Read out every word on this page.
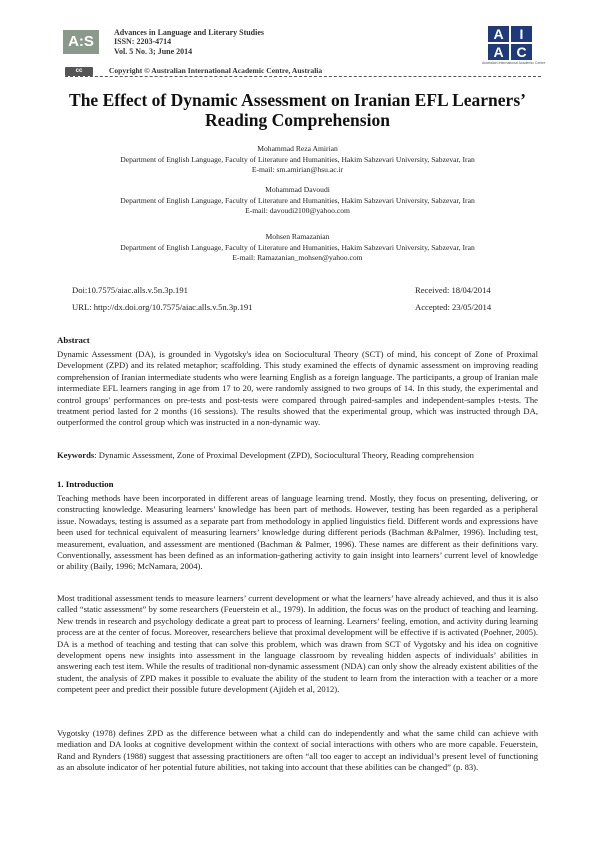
A:S
Advances in Language and Literary Studies
ISSN: 2203-4714
Vol. 5 No. 3; June 2014
cc	Copyright © Australian International Academic Centre, Australia
A	I
A C
Australian International Academic Centre
The Effect of Dynamic Assessment on Iranian EFL Learners’ Reading Comprehension
Mohammad Reza Amirian
Department of English Language, Faculty of Literature and Humanities, Hakim Sabzevari University, Sabzevar, Iran
E-mail: sm.amirian@hsu.ac.ir
Mohammad Davoudi
Department of English Language, Faculty of Literature and Humanities, Hakim Sabzevari University, Sabzevar, Iran
E-mail: davoudi2100@yahoo.com
Mohsen Ramazanian
Department of English Language, Faculty of Literature and Humanities, Hakim Sabzevari University, Sabzevar, Iran
E-mail: Ramazanian_mohsen@yahoo.com
Doi:10.7575/aiac.alls.v.5n.3p.191	Received: 18/04/2014
URL: http://dx.doi.org/10.7575/aiac.alls.v.5n.3p.191	Accepted: 23/05/2014
Abstract

Dynamic Assessment (DA), is grounded in Vygotsky's idea on Sociocultural Theory (SCT) of mind, his concept of Zone of Proximal Development (ZPD) and its related metaphor; scaffolding. This study examined the effects of dynamic assessment on improving reading comprehension of Iranian intermediate students who were learning English as a foreign language. The participants, a group of Iranian male intermediate EFL learners ranging in age from 17 to 20, were randomly assigned to two groups of 14. In this study, the experimental and control groups' performances on pre-tests and post-tests were compared through paired-samples and independent-samples t-tests. The treatment period lasted for 2 months (16 sessions). The results showed that the experimental group, which was instructed through DA, outperformed the control group which was instructed in a non-dynamic way.

Keywords: Dynamic Assessment, Zone of Proximal Development (ZPD), Sociocultural Theory, Reading comprehension

1. Introduction

Teaching methods have been incorporated in different areas of language learning trend. Mostly, they focus on presenting, delivering, or constructing knowledge. Measuring learners’ knowledge has been part of methods. However, testing has been regarded as a peripheral issue. Nowadays, testing is assumed as a separate part from methodology in applied linguistics field. Different words and expressions have been used for technical equivalent of measuring learners’ knowledge during different periods (Bachman &Palmer, 1996). Including test, measurement, evaluation, and assessment are mentioned (Bachman & Palmer, 1996). These names are different as their definitions vary. Conventionally, assessment has been defined as an information-gathering activity to gain insight into learners’ current level of knowledge or ability (Baily, 1996; McNamara, 2004).

Most traditional assessment tends to measure learners’ current development or what the learners’ have already achieved, and thus it is also called “static assessment” by some researchers (Feuerstein et al., 1979). In addition, the focus was on the product of teaching and learning. New trends in research and psychology dedicate a great part to process of learning. Learners’ feeling, emotion, and activity during learning process are at the center of focus. Moreover, researchers believe that proximal development will be effective if is activated (Poehner, 2005). DA is a method of teaching and testing that can solve this problem, which was drawn from SCT of Vygotsky and his idea on cognitive development opens new insights into assessment in the language classroom by revealing hidden aspects of individuals’ abilities in answering each test item. While the results of traditional non-dynamic assessment (NDA) can only show the already existent abilities of the student, the analysis of ZPD makes it possible to evaluate the ability of the student to learn from the interaction with a teacher or a more competent peer and predict their possible future development (Ajideh et al, 2012).

Vygotsky (1978) defines ZPD as the difference between what a child can do independently and what the same child can achieve with mediation and DA looks at cognitive development within the context of social interactions with others who are more capable. Feuerstein, Rand and Rynders (1988) suggest that assessing practitioners are often “all too eager to accept an individual’s present level of functioning as an absolute indicator of her potential future abilities, not taking into account that these abilities can be changed” (p. 83).
